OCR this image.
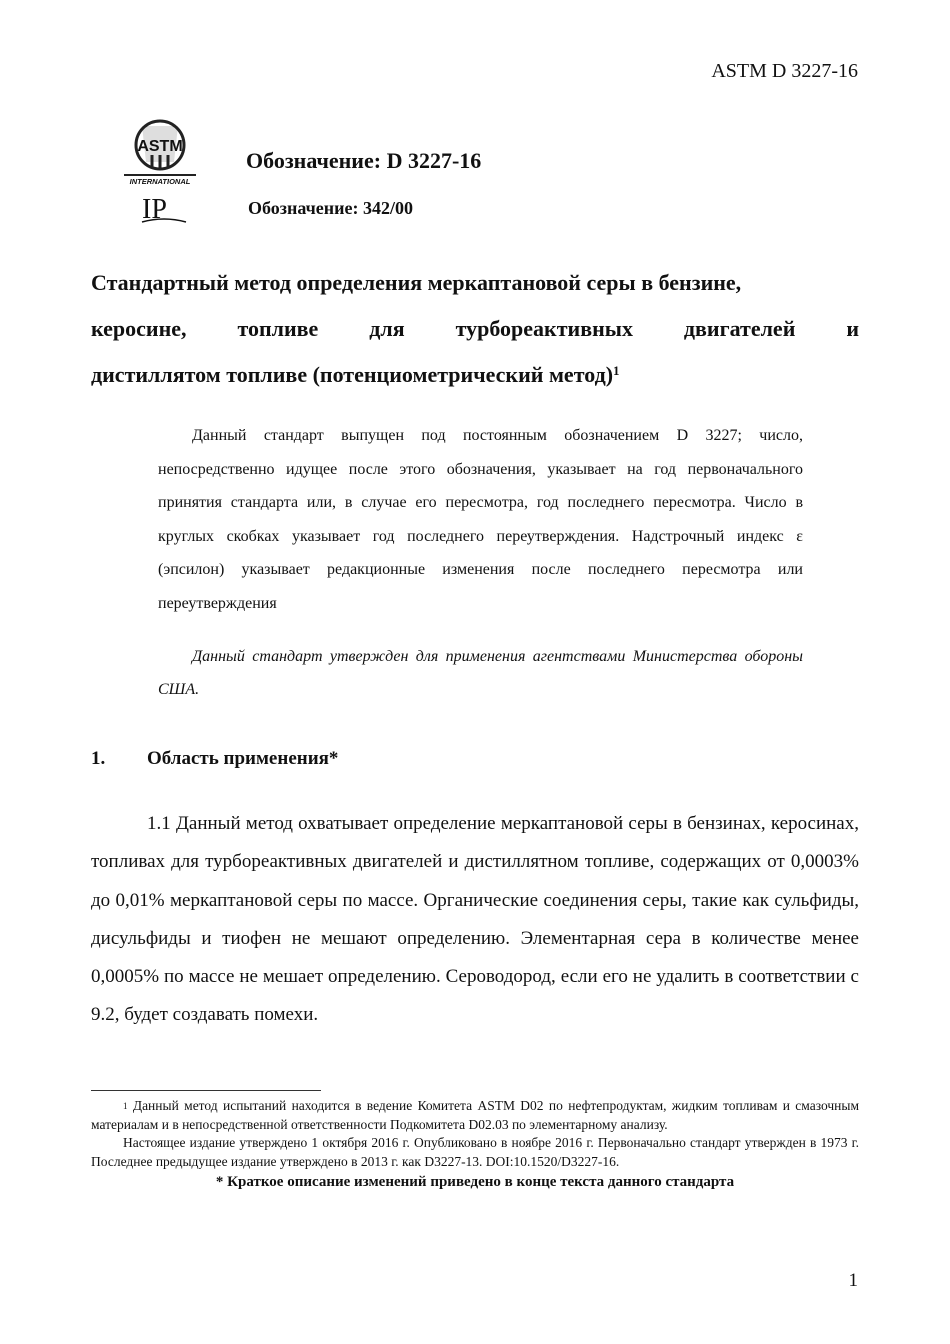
ASTM D 3227-16
ASTM
INTERNATIONAL
IP
Обозначение: D 3227-16
Обозначение: 342/00
Стандартный метод определения меркаптановой серы в бензине,
керосине, топливе для турбореактивных двигателей и
дистиллятом топливе (потенциометрический метод)$^1$
Данный стандарт выпущен под постоянным обозначением D 3227; число, непосредственно идущее после этого обозначения, указывает на год первоначального принятия стандарта или, в случае его пересмотра, год последнего пересмотра. Число в круглых скобках указывает год последнего переутверждения. Надстрочный индекс ε (эпсилон) указывает редакционные изменения после последнего пересмотра или переутверждения
Данный стандарт утвержден для применения агентствами Министерства обороны США.
1. Область применения*
1.1 Данный метод охватывает определение меркаптановой серы в бензинах, керосинах, топливах для турбореактивных двигателей и дистиллятном топливе, содержащих от 0,0003% до 0,01% меркаптановой серы по массе. Органические соединения серы, такие как сульфиды, дисульфиды и тиофен не мешают определению. Элементарная сера в количестве менее 0,0005% по массе не мешает определению. Сероводород, если его не удалить в соответствии с 9.2, будет создавать помехи.

$^1$ Данный метод испытаний находится в ведение Комитета ASTM D02 по нефтепродуктам, жидким топливам и смазочным материалам и в непосредственной ответственности Подкомитета D02.03 по элементарному анализу.

Настоящее издание утверждено 1 октября 2016 г. Опубликовано в ноябре 2016 г. Первоначально стандарт утвержден в 1973 г. Последнее предыдущее издание утверждено в 2013 г. как D3227-13. DOI:10.1520/D3227-16.

* Краткое описание изменений приведено в конце текста данного стандарта

1
